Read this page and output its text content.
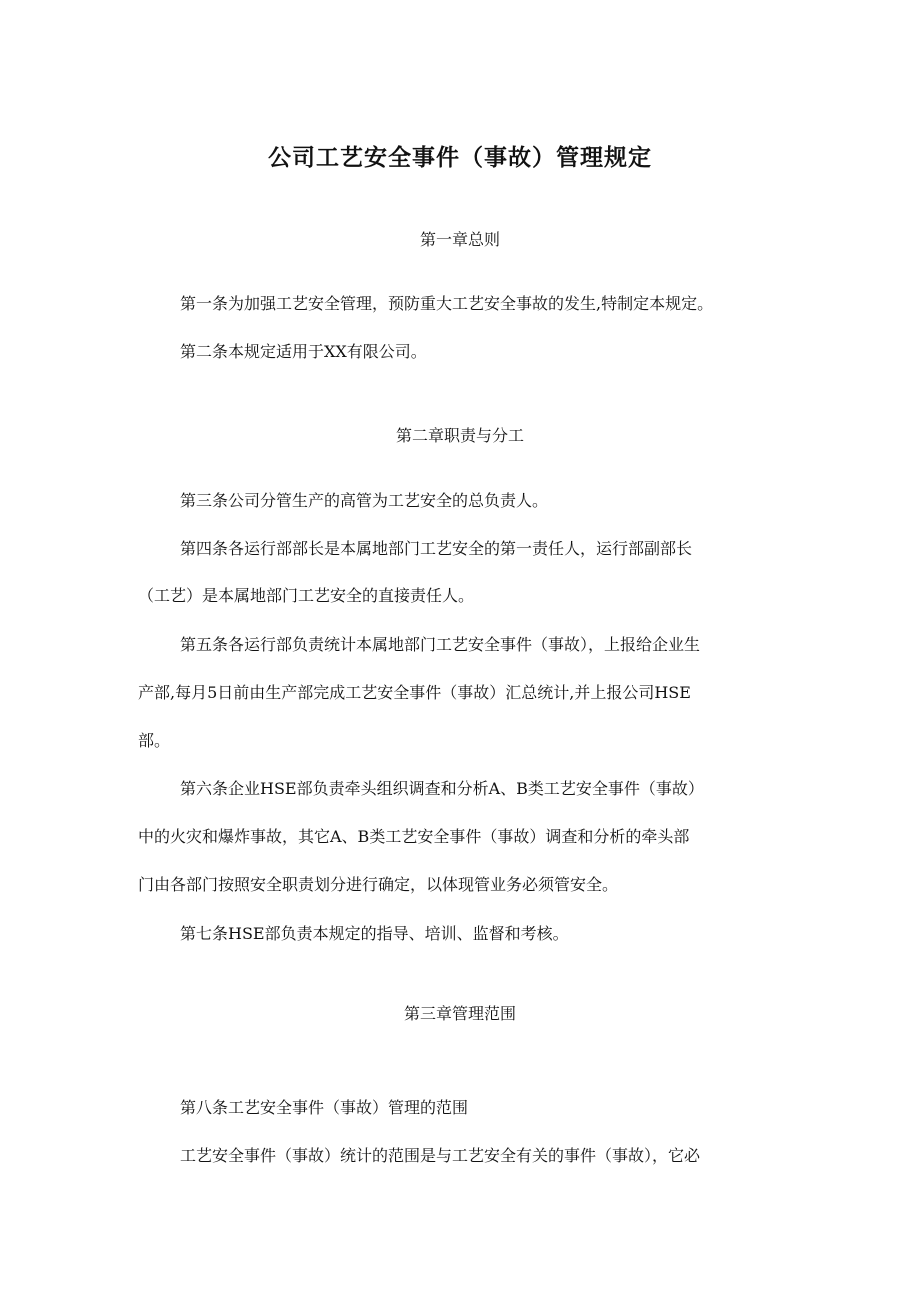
公司工艺安全事件（事故）管理规定
第一章总则
第一条为加强工艺安全管理，预防重大工艺安全事故的发生,特制定本规定。
第二条本规定适用于XX有限公司。
第二章职责与分工
第三条公司分管生产的高管为工艺安全的总负责人。
第四条各运行部部长是本属地部门工艺安全的第一责任人，运行部副部长
（工艺）是本属地部门工艺安全的直接责任人。
第五条各运行部负责统计本属地部门工艺安全事件（事故），上报给企业生
产部,每月5日前由生产部完成工艺安全事件（事故）汇总统计,并上报公司HSE
部。
第六条企业HSE部负责牵头组织调查和分析A、B类工艺安全事件（事故）
中的火灾和爆炸事故，其它A、B类工艺安全事件（事故）调查和分析的牵头部
门由各部门按照安全职责划分进行确定，以体现管业务必须管安全。
第七条HSE部负责本规定的指导、培训、监督和考核。
第三章管理范围
第八条工艺安全事件（事故）管理的范围
工艺安全事件（事故）统计的范围是与工艺安全有关的事件（事故），它必
